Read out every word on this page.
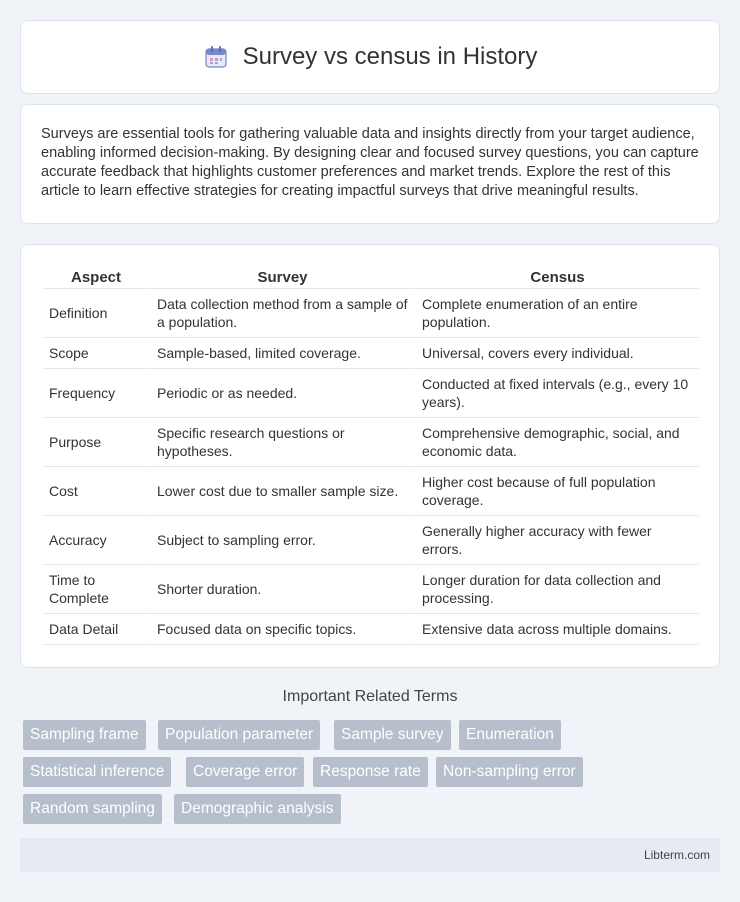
Survey vs census in History

Surveys are essential tools for gathering valuable data and insights directly from your target audience, enabling informed decision-making. By designing clear and focused survey questions, you can capture accurate feedback that highlights customer preferences and market trends. Explore the rest of this article to learn effective strategies for creating impactful surveys that drive meaningful results.

Aspect	Survey	Census
Definition	Data collection method from a sample of a population.	Complete enumeration of an entire population.
Scope	Sample-based, limited coverage.	Universal, covers every individual.
Frequency	Periodic or as needed.	Conducted at fixed intervals (e.g., every 10 years).
Purpose	Specific research questions or hypotheses.	Comprehensive demographic, social, and economic data.
Cost	Lower cost due to smaller sample size.	Higher cost because of full population coverage.
Accuracy	Subject to sampling error.	Generally higher accuracy with fewer errors.
Time to Complete	Shorter duration.	Longer duration for data collection and processing.
Data Detail	Focused data on specific topics.	Extensive data across multiple domains.
Important Related Terms
Sampling frame	Population parameter	Sample survey	Enumeration
Statistical inference	Coverage error	Response rate	Non-sampling error
Random sampling	Demographic analysis
Libterm.com
